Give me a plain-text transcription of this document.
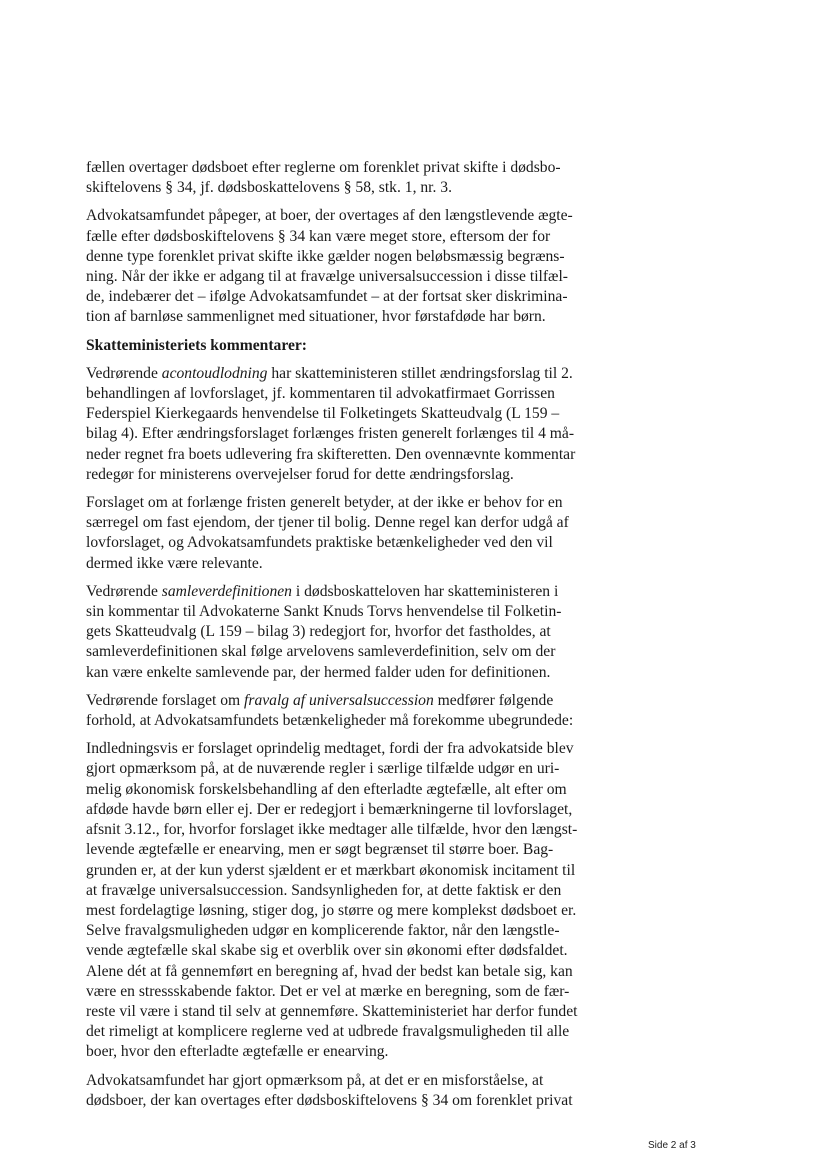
fællen overtager dødsboet efter reglerne om forenklet privat skifte i dødsbo-
skiftelovens § 34, jf. dødsboskattelovens § 58, stk. 1, nr. 3.
Advokatsamfundet påpeger, at boer, der overtages af den længstlevende ægte-
fælle efter dødsboskiftelovens § 34 kan være meget store, eftersom der for
denne type forenklet privat skifte ikke gælder nogen beløbsmæssig begræns-
ning. Når der ikke er adgang til at fravælge universalsuccession i disse tilfæl-
de, indebærer det – ifølge Advokatsamfundet – at der fortsat sker diskrimina-
tion af barnløse sammenlignet med situationer, hvor førstafdøde har børn.
Skatteministeriets kommentarer:
Vedrørende acontoudlodning har skatteministeren stillet ændringsforslag til 2.
behandlingen af lovforslaget, jf. kommentaren til advokatfirmaet Gorrissen
Federspiel Kierkegaards henvendelse til Folketingets Skatteudvalg (L 159 –
bilag 4). Efter ændringsforslaget forlænges fristen generelt forlænges til 4 må-
neder regnet fra boets udlevering fra skifteretten. Den ovennævnte kommentar
redegør for ministerens overvejelser forud for dette ændringsforslag.
Forslaget om at forlænge fristen generelt betyder, at der ikke er behov for en
særregel om fast ejendom, der tjener til bolig. Denne regel kan derfor udgå af
lovforslaget, og Advokatsamfundets praktiske betænkeligheder ved den vil
dermed ikke være relevante.
Vedrørende samleverdefinitionen i dødsboskatteloven har skatteministeren i
sin kommentar til Advokaterne Sankt Knuds Torvs henvendelse til Folketin-
gets Skatteudvalg (L 159 – bilag 3) redegjort for, hvorfor det fastholdes, at
samleverdefinitionen skal følge arvelovens samleverdefinition, selv om der
kan være enkelte samlevende par, der hermed falder uden for definitionen.
Vedrørende forslaget om fravalg af universalsuccession medfører følgende
forhold, at Advokatsamfundets betænkeligheder må forekomme ubegrundede:
Indledningsvis er forslaget oprindelig medtaget, fordi der fra advokatside blev
gjort opmærksom på, at de nuværende regler i særlige tilfælde udgør en uri-
melig økonomisk forskelsbehandling af den efterladte ægtefælle, alt efter om
afdøde havde børn eller ej. Der er redegjort i bemærkningerne til lovforslaget,
afsnit 3.12., for, hvorfor forslaget ikke medtager alle tilfælde, hvor den længst-
levende ægtefælle er enearving, men er søgt begrænset til større boer. Bag-
grunden er, at der kun yderst sjældent er et mærkbart økonomisk incitament til
at fravælge universalsuccession. Sandsynligheden for, at dette faktisk er den
mest fordelagtige løsning, stiger dog, jo større og mere komplekst dødsboet er.
Selve fravalgsmuligheden udgør en komplicerende faktor, når den længstle-
vende ægtefælle skal skabe sig et overblik over sin økonomi efter dødsfaldet.
Alene dét at få gennemført en beregning af, hvad der bedst kan betale sig, kan
være en stressskabende faktor. Det er vel at mærke en beregning, som de fær-
reste vil være i stand til selv at gennemføre. Skatteministeriet har derfor fundet
det rimeligt at komplicere reglerne ved at udbrede fravalgsmuligheden til alle
boer, hvor den efterladte ægtefælle er enearving.
Advokatsamfundet har gjort opmærksom på, at det er en misforståelse, at
dødsboer, der kan overtages efter dødsboskiftelovens § 34 om forenklet privat
Side 2 af 3
